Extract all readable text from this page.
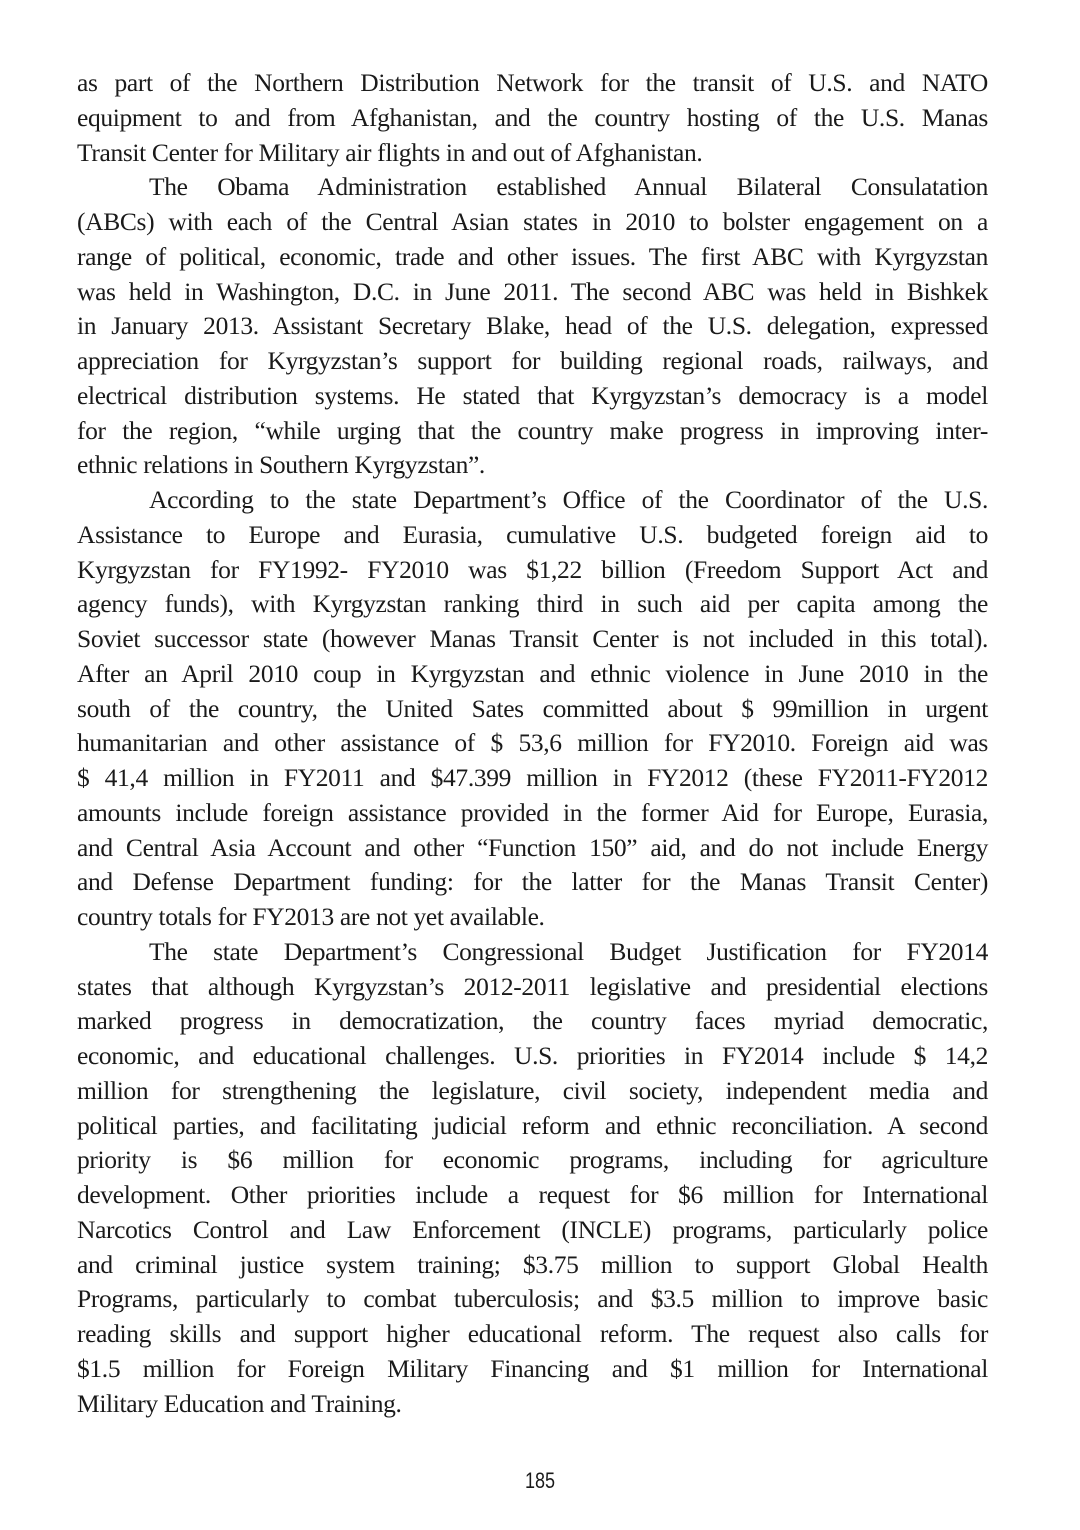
as part of the Northern Distribution Network for the transit of U.S. and NATO
equipment to and from Afghanistan, and the country hosting of the U.S. Manas
Transit Center for Military air flights in and out of Afghanistan.
The Obama Administration established Annual Bilateral Consulatation
(ABCs) with each of the Central Asian states in 2010 to bolster engagement on a
range of political, economic, trade and other issues. The first ABC with Kyrgyzstan
was held in Washington, D.C. in June 2011. The second ABC was held in Bishkek
in January 2013. Assistant Secretary Blake, head of the U.S. delegation, expressed
appreciation for Kyrgyzstan’s support for building regional roads, railways, and
electrical distribution systems. He stated that Kyrgyzstan’s democracy is a model
for the region, “while urging that the country make progress in improving inter-
ethnic relations in Southern Kyrgyzstan”.
According to the state Department’s Office of the Coordinator of the U.S.
Assistance to Europe and Eurasia, cumulative U.S. budgeted foreign aid to
Kyrgyzstan for FY1992- FY2010 was $1,22 billion (Freedom Support Act and
agency funds), with Kyrgyzstan ranking third in such aid per capita among the
Soviet successor state (however Manas Transit Center is not included in this total).
After an April 2010 coup in Kyrgyzstan and ethnic violence in June 2010 in the
south of the country, the United Sates committed about $ 99million in urgent
humanitarian and other assistance of $ 53,6 million for FY2010. Foreign aid was
$ 41,4 million in FY2011 and $47.399 million in FY2012 (these FY2011-FY2012
amounts include foreign assistance provided in the former Aid for Europe, Eurasia,
and Central Asia Account and other “Function 150” aid, and do not include Energy
and Defense Department funding: for the latter for the Manas Transit Center)
country totals for FY2013 are not yet available.
The state Department’s Congressional Budget Justification for FY2014
states that although Kyrgyzstan’s 2012-2011 legislative and presidential elections
marked progress in democratization, the country faces myriad democratic,
economic, and educational challenges. U.S. priorities in FY2014 include $ 14,2
million for strengthening the legislature, civil society, independent media and
political parties, and facilitating judicial reform and ethnic reconciliation. A second
priority is $6 million for economic programs, including for agriculture
development. Other priorities include a request for $6 million for International
Narcotics Control and Law Enforcement (INCLE) programs, particularly police
and criminal justice system training; $3.75 million to support Global Health
Programs, particularly to combat tuberculosis; and $3.5 million to improve basic
reading skills and support higher educational reform. The request also calls for
$1.5 million for Foreign Military Financing and $1 million for International
Military Education and Training.
185
